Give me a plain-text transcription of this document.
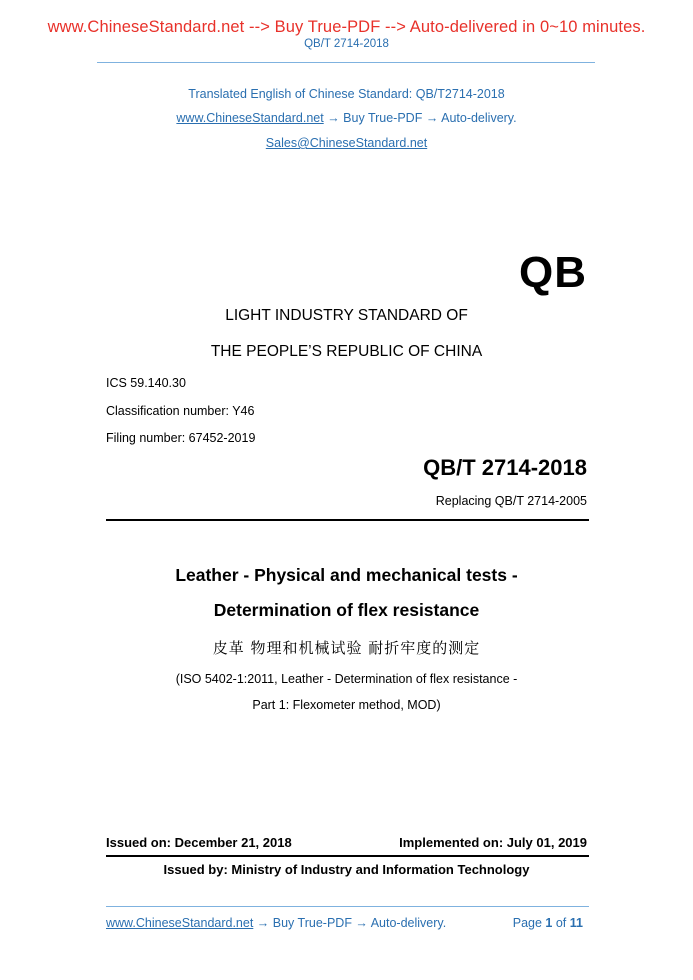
www.ChineseStandard.net --> Buy True-PDF --> Auto-delivered in 0~10 minutes.
QB/T 2714-2018
Translated English of Chinese Standard: QB/T2714-2018
www.ChineseStandard.net → Buy True-PDF → Auto-delivery.
Sales@ChineseStandard.net
QB
LIGHT INDUSTRY STANDARD OF
THE PEOPLE’S REPUBLIC OF CHINA
ICS 59.140.30
Classification number: Y46
Filing number: 67452-2019
QB/T 2714-2018
Replacing QB/T 2714-2005
Leather - Physical and mechanical tests -
Determination of flex resistance
皮革 物理和机械试验 耐折牢度的测定
(ISO 5402-1:2011, Leather - Determination of flex resistance -
Part 1: Flexometer method, MOD)
Issued on: December 21, 2018	Implemented on: July 01, 2019
Issued by: Ministry of Industry and Information Technology
www.ChineseStandard.net → Buy True-PDF → Auto-delivery.	Page 1 of 11
